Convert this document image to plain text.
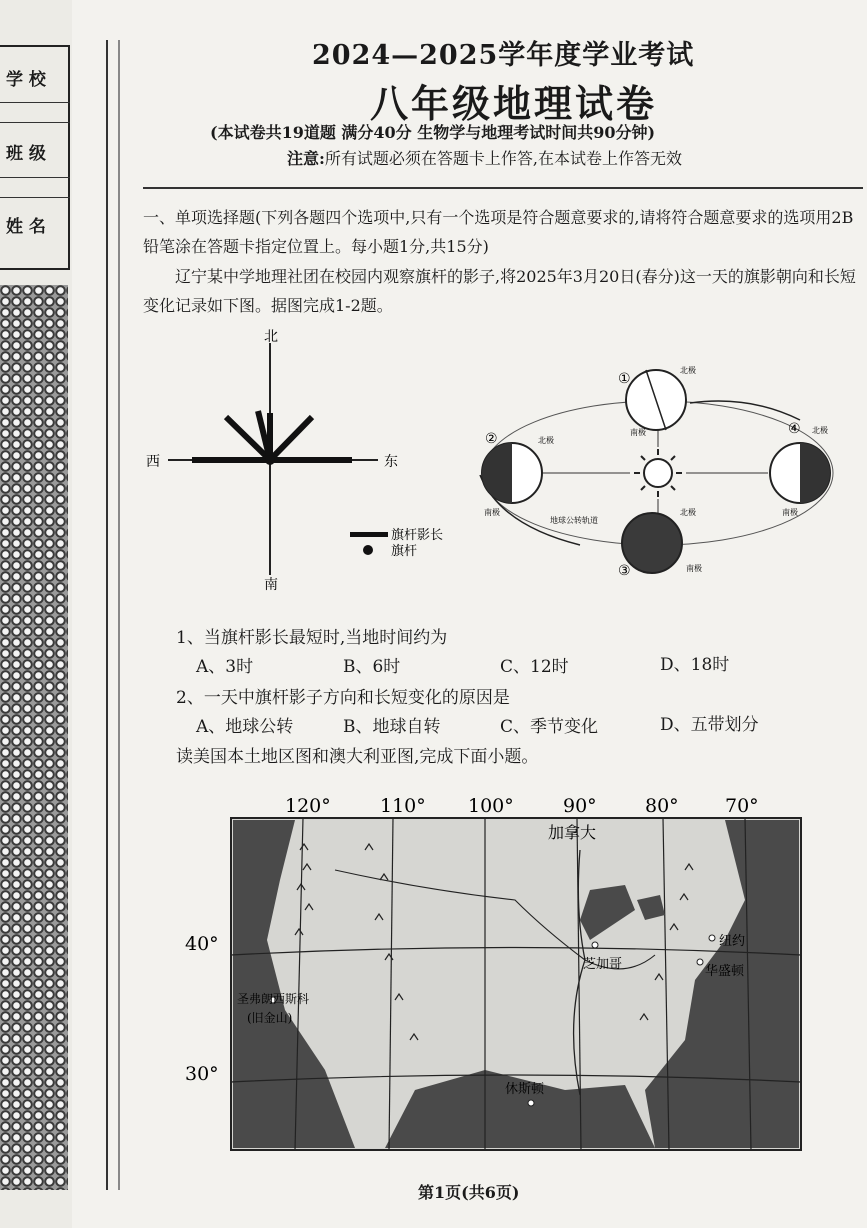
学 校
班 级
姓 名
2024—2025学年度学业考试
八年级地理试卷
(本试卷共19道题 满分40分 生物学与地理考试时间共90分钟)
注意:所有试题必须在答题卡上作答,在本试卷上作答无效
一、单项选择题(下列各题四个选项中,只有一个选项是符合题意要求的,请将符合题意要求的选项用2B铅笔涂在答题卡指定位置上。每小题1分,共15分)
辽宁某中学地理社团在校园内观察旗杆的影子,将2025年3月20日(春分)这一天的旗影朝向和长短变化记录如下图。据图完成1-2题。
北
南
东
西
旗杆影长
旗杆
①
北极
南极
②	北极
南极
③
北极
南极
地球公转轨道
④ 北极
南极
1、当旗杆影长最短时,当地时间约为
A、3时	B、6时	C、12时	D、18时
2、一天中旗杆影子方向和长短变化的原因是
A、地球公转	B、地球自转	C、季节变化	D、五带划分
读美国本土地区图和澳大利亚图,完成下面小题。
120°	110° 100°	90°	80° 70°
加拿大
40°
30°
芝加哥
纽约
华盛顿
休斯顿
圣弗朗西斯科
(旧金山)
第1页(共6页)
